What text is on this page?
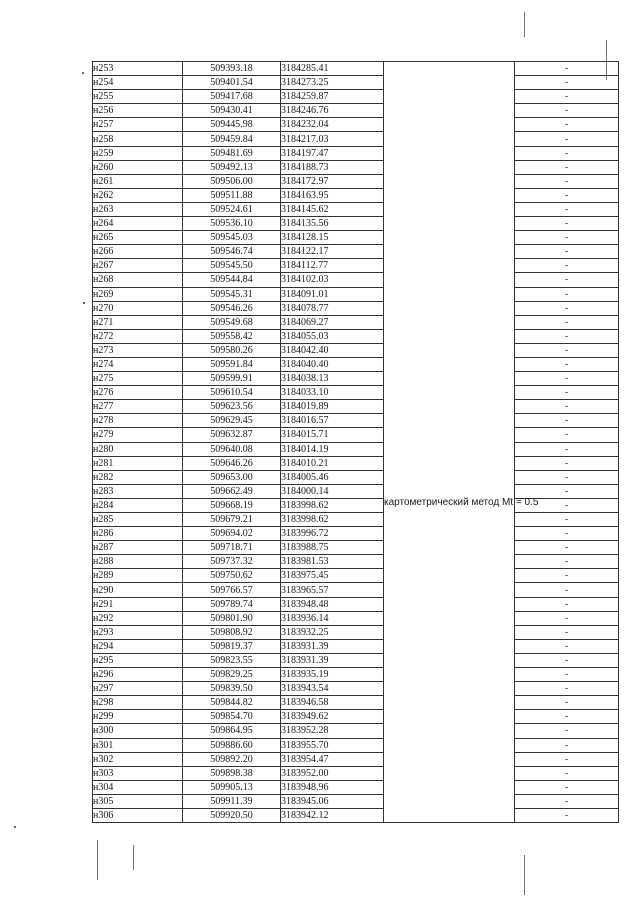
н253	509393.18	3184285.41	картометрический метод Mt = 0.5	-
н254	509401.54	3184273.25		-
н255	509417.68	3184259.87		-
н256	509430.41	3184246.76		-
н257	509445.98	3184232.04		-
н258	509459.84	3184217.03		-
н259	509481.69	3184197.47		-
н260	509492.13	3184188.73		-
н261	509506.00	3184172.97		-
н262	509511.88	3184163.95		-
н263	509524.61	3184145.62		-
н264	509536.10	3184135.56		-
н265	509545.03	3184128.15		-
н266	509546.74	3184122.17		-
н267	509545.50	3184112.77		-
н268	509544.84	3184102.03		-
н269	509545.31	3184091.01		-
н270	509546.26	3184078.77		-
н271	509549.68	3184069.27		-
н272	509558.42	3184055.03		-
н273	509580.26	3184042.40		-
н274	509591.84	3184040.40		-
н275	509599.91	3184038.13		-
н276	509610.54	3184033.10		-
н277	509623.56	3184019.89		-
н278	509629.45	3184016.57		-
н279	509632.87	3184015.71		-
н280	509640.08	3184014.19		-
н281	509646.26	3184010.21		-
н282	509653.00	3184005.46		-
н283	509662.49	3184000.14		-
н284	509668.19	3183998.62		-
н285	509679.21	3183998.62		-
н286	509694.02	3183996.72		-
н287	509718.71	3183988.75		-
н288	509737.32	3183981.53		-
н289	509750.62	3183975.45		-
н290	509766.57	3183965.57		-
н291	509789.74	3183948.48		-
н292	509801.90	3183936.14		-
н293	509808.92	3183932.25		-
н294	509819.37	3183931.39		-
н295	509823.55	3183931.39		-
н296	509829.25	3183935.19		-
н297	509839.50	3183943.54		-
н298	509844.82	3183946.58		-
н299	509854.70	3183949.62		-
н300	509864.95	3183952.28		-
н301	509886.60	3183955.70		-
н302	509892.20	3183954.47		-
н303	509898.38	3183952.00		-
н304	509905.13	3183948.96		-
н305	509911.39	3183945.06		-
н306	509920.50	3183942.12		-
